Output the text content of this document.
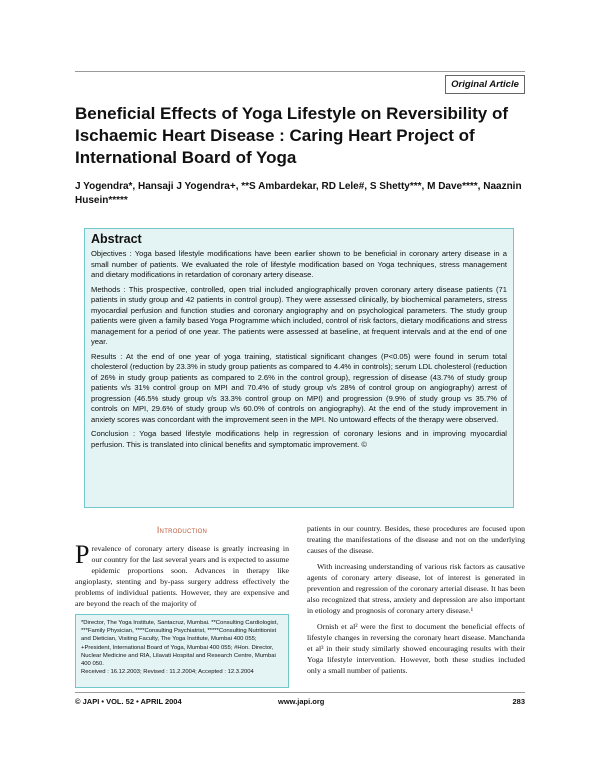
Original Article
Beneficial Effects of Yoga Lifestyle on Reversibility of Ischaemic Heart Disease : Caring Heart Project of International Board of Yoga

J Yogendra*, Hansaji J Yogendra+, **S Ambardekar, RD Lele#, S Shetty***, M Dave****, Naaznin Husein*****

Abstract

Objectives : Yoga based lifestyle modifications have been earlier shown to be beneficial in coronary artery disease in a small number of patients. We evaluated the role of lifestyle modification based on Yoga techniques, stress management and dietary modifications in retardation of coronary artery disease.

Methods : This prospective, controlled, open trial included angiographically proven coronary artery disease patients (71 patients in study group and 42 patients in control group). They were assessed clinically, by biochemical parameters, stress myocardial perfusion and function studies and coronary angiography and on psychological parameters. The study group patients were given a family based Yoga Programme which included, control of risk factors, dietary modifications and stress management for a period of one year. The patients were assessed at baseline, at frequent intervals and at the end of one year.

Results : At the end of one year of yoga training, statistical significant changes (P<0.05) were found in serum total cholesterol (reduction by 23.3% in study group patients as compared to 4.4% in controls); serum LDL cholesterol (reduction of 26% in study group patients as compared to 2.6% in the control group), regression of disease (43.7% of study group patients v/s 31% control group on MPI and 70.4% of study group v/s 28% of control group on angiography) arrest of progression (46.5% study group v/s 33.3% control group on MPI) and progression (9.9% of study group vs 35.7% of controls on MPI, 29.6% of study group v/s 60.0% of controls on angiography). At the end of the study improvement in anxiety scores was concordant with the improvement seen in the MPI. No untoward effects of the therapy were observed.

Conclusion : Yoga based lifestyle modifications help in regression of coronary lesions and in improving myocardial perfusion. This is translated into clinical benefits and symptomatic improvement. ©

Introduction

Prevalence of coronary artery disease is greatly increasing in our country for the last several years and is expected to assume epidemic proportions soon. Advances in therapy like angioplasty, stenting and by-pass surgery address effectively the problems of individual patients. However, they are expensive and are beyond the reach of the majority of

*Director, The Yoga Institute, Santacruz, Mumbai. **Consulting Cardiologist, ***Family Physician, ****Consulting Psychiatrist, *****Consulting Nutritionist and Dietician, Visiting Faculty, The Yoga Institute, Mumbai 400 055; +President, International Board of Yoga, Mumbai 400 055; #Hon. Director, Nuclear Medicine and RIA, Lilavati Hospital and Research Centre, Mumbai 400 050.

Received : 16.12.2003; Revised : 11.2.2004; Accepted : 12.3.2004

patients in our country. Besides, these procedures are focused upon treating the manifestations of the disease and not on the underlying causes of the disease.

With increasing understanding of various risk factors as causative agents of coronary artery disease, lot of interest is generated in prevention and regression of the coronary arterial disease. It has been also recognized that stress, anxiety and depression are also important in etiology and prognosis of coronary artery disease.¹

Ornish et al² were the first to document the beneficial effects of lifestyle changes in reversing the coronary heart disease. Manchanda et al³ in their study similarly showed encouraging results with their Yoga lifestyle intervention. However, both these studies included only a small number of patients.

© JAPI • VOL. 52 • APRIL 2004	www.japi.org	283
